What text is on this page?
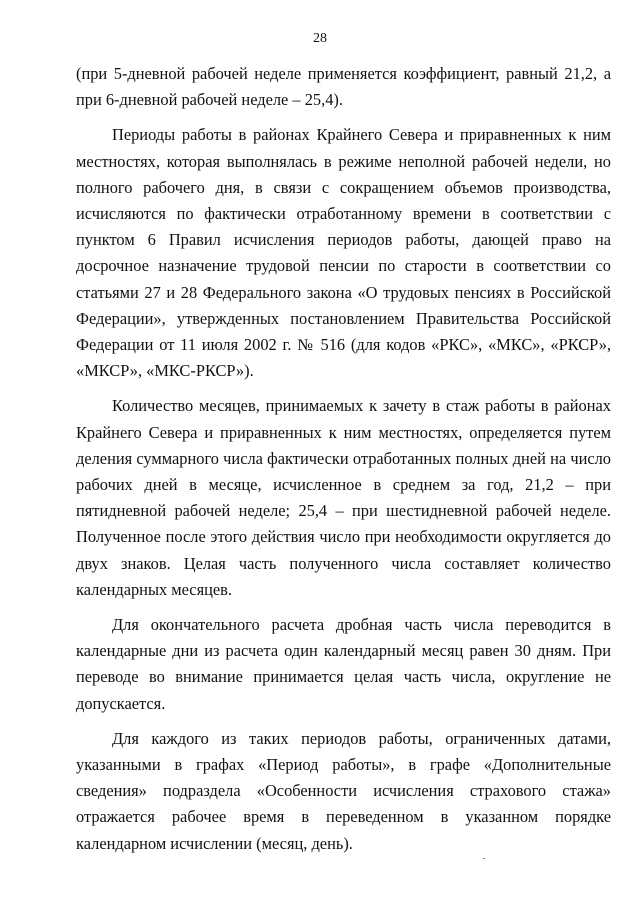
28

(при 5-дневной рабочей неделе применяется коэффициент, равный 21,2, а при 6-дневной рабочей неделе – 25,4).

Периоды работы в районах Крайнего Севера и приравненных к ним местностях, которая выполнялась в режиме неполной рабочей недели, но полного рабочего дня, в связи с сокращением объемов производства, исчисляются по фактически отработанному времени в соответствии с пунктом 6 Правил исчисления периодов работы, дающей право на досрочное назначение трудовой пенсии по старости в соответствии со статьями 27 и 28 Федерального закона «О трудовых пенсиях в Российской Федерации», утвержденных постановлением Правительства Российской Федерации от 11 июля 2002 г. № 516 (для кодов «РКС», «МКС», «РКСР», «МКСР», «МКС-РКСР»).

Количество месяцев, принимаемых к зачету в стаж работы в районах Крайнего Севера и приравненных к ним местностях, определяется путем деления суммарного числа фактически отработанных полных дней на число рабочих дней в месяце, исчисленное в среднем за год, 21,2 – при пятидневной рабочей неделе; 25,4 – при шестидневной рабочей неделе. Полученное после этого действия число при необходимости округляется до двух знаков. Целая часть полученного числа составляет количество календарных месяцев.

Для окончательного расчета дробная часть числа переводится в календарные дни из расчета один календарный месяц равен 30 дням. При переводе во внимание принимается целая часть числа, округление не допускается.

Для каждого из таких периодов работы, ограниченных датами, указанными в графах «Период работы», в графе «Дополнительные сведения» подраздела «Особенности исчисления страхового стажа» отражается рабочее время в переведенном в указанном порядке календарном исчислении (месяц, день).
